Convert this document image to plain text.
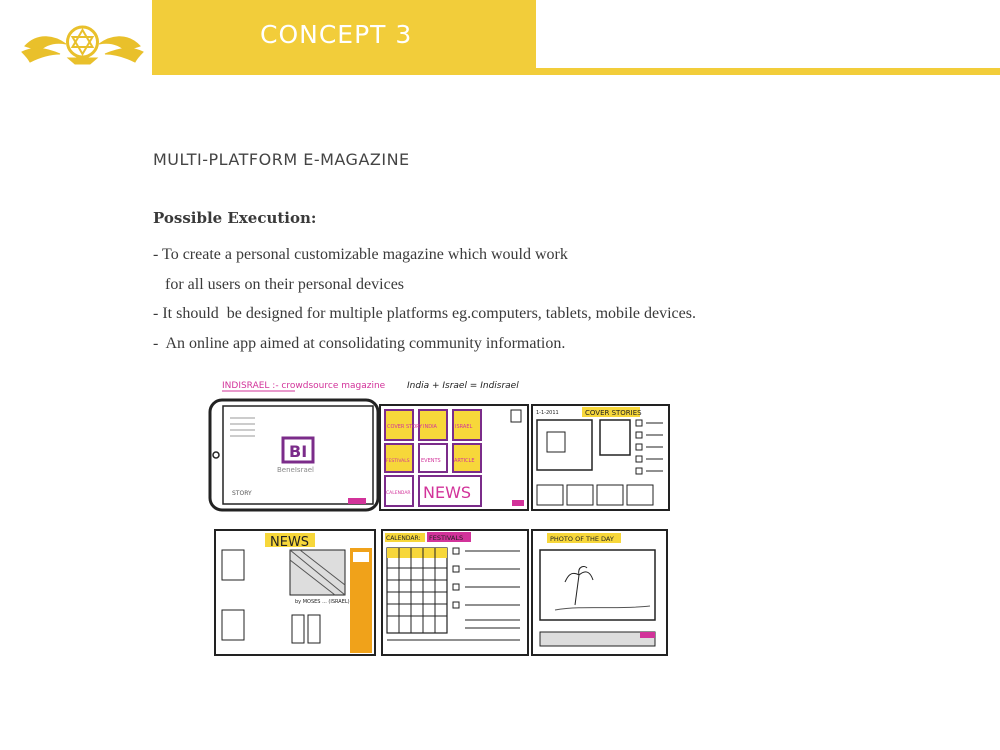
CONCEPT 3
MULTI-PLATFORM E-MAGAZINE
Possible Execution:
- To create a personal customizable magazine which would work
for all users on their personal devices
- It should  be designed for multiple platforms eg.computers, tablets, mobile devices.
-  An online app aimed at consolidating community information.
INDISRAEL :- crowdsource magazine India + Israel = Indisrael
BI
BeneIsrael
STORY
COVER STORY INDIA	ISRAEL
FESTIVALS EVENTS	ARTICLE
CALENDAR NEWS
1-1-2011	COVER STORIES
NEWS
by MOSES ... (ISRAEL)
CALENDAR: FESTIVALS	PHOTO OF THE DAY
